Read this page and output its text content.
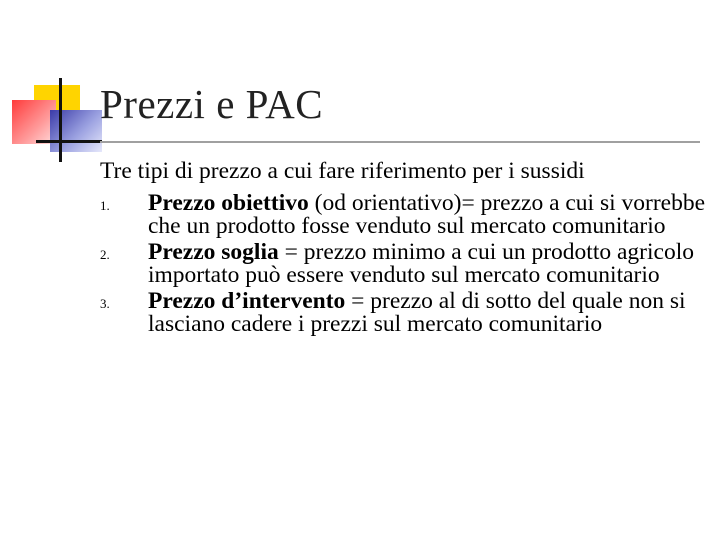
Prezzi e PAC

Tre tipi di prezzo a cui fare riferimento per i sussidi

1. Prezzo obiettivo (od orientativo)= prezzo a cui si vorrebbe che un prodotto fosse venduto sul mercato comunitario
2. Prezzo soglia = prezzo minimo a cui un prodotto agricolo importato può essere venduto sul mercato comunitario
3. Prezzo d’intervento = prezzo al di sotto del quale non si lasciano cadere i prezzi sul mercato comunitario
